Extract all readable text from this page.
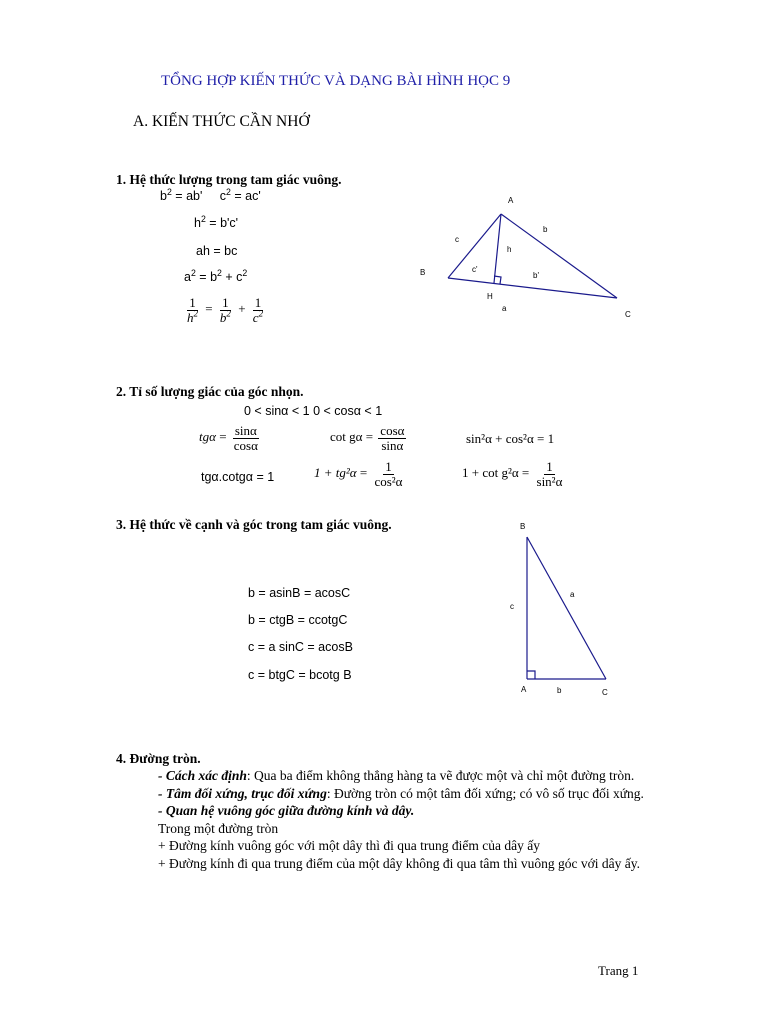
TỔNG HỢP KIẾN THỨC VÀ DẠNG BÀI HÌNH HỌC 9
A. KIẾN THỨC CẦN NHỚ
1. Hệ thức lượng trong tam giác vuông.
$b^2 = ab'$ $c^2 = ac'$
$h^2 = b'c'$
ah = bc
$a^2 = b^2 + c^2$
$\frac{1}{h^2} = \frac{1}{b^2} + \frac{1}{c^2}$
A
B
C
H
a
b
c
h
c'
b'
2. Tỉ số lượng giác của góc nhọn.
0 < sinα < 1 0 < cosα < 1
$tg\alpha = \frac{\sin\alpha}{\cos\alpha}$	$\cot g\alpha = \frac{\cos\alpha}{\sin\alpha}$	sin²α + cos²α = 1
tgα.cotgα = 1	$1 + tg^2\alpha = \frac{1}{\text{cos²α}}$	$1 + \cot g^2\alpha = \frac{1}{\text{sin²α}}$
3. Hệ thức về cạnh và góc trong tam giác vuông.
b = asinB = acosC
b = ctgB = ccotgC
c = a sinC = acosB
c = btgC = bcotg B
B
A	C
a
b
c
4. Đường tròn.

- Cách xác định: Qua ba điểm không thẳng hàng ta vẽ được một và chỉ một đường tròn.

- Tâm đối xứng, trục đối xứng: Đường tròn có một tâm đối xứng; có vô số trục đối xứng.

- Quan hệ vuông góc giữa đường kính và dây.

Trong một đường tròn

+ Đường kính vuông góc với một dây thì đi qua trung điểm của dây ấy

+ Đường kính đi qua trung điểm của một dây không đi qua tâm thì vuông góc với dây ấy.

Trang 1
